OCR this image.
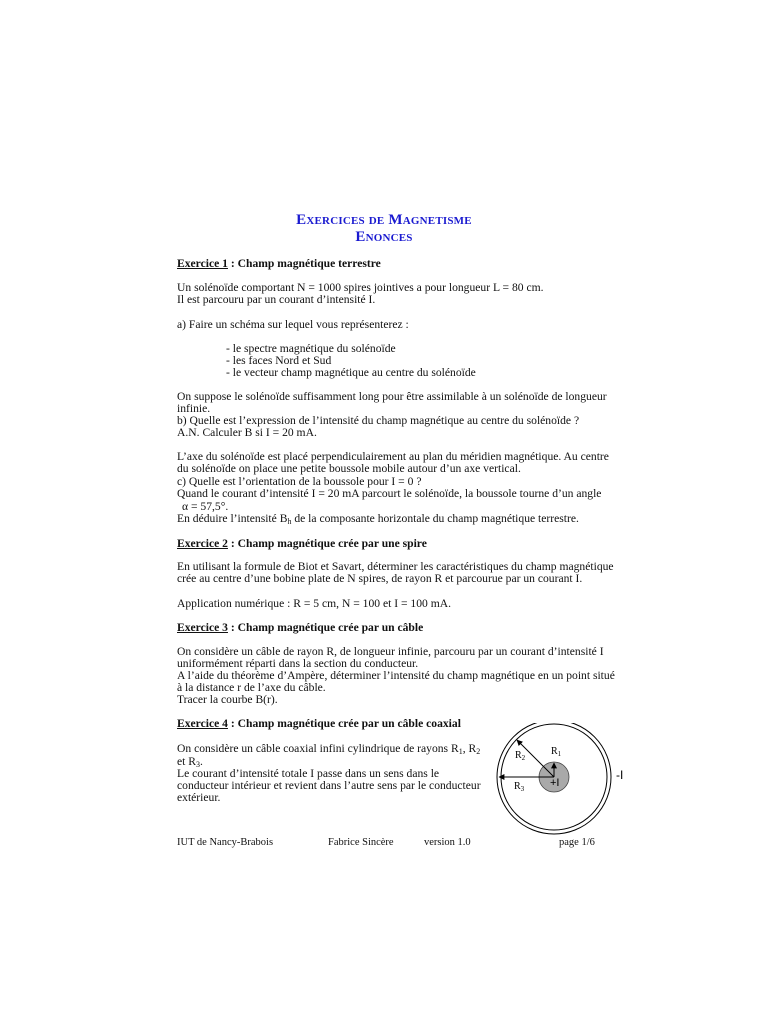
Exercices de Magnetisme
Enonces
Exercice 1 : Champ magnétique terrestre
Un solénoïde comportant N = 1000 spires jointives a pour longueur L = 80 cm.
Il est parcouru par un courant d’intensité I.
a) Faire un schéma sur lequel vous représenterez :
- le spectre magnétique du solénoïde
- les faces Nord et Sud
- le vecteur champ magnétique au centre du solénoïde
On suppose le solénoïde suffisamment long pour être assimilable à un solénoïde de longueur
infinie.
b) Quelle est l’expression de l’intensité du champ magnétique au centre du solénoïde ?
A.N. Calculer B si I = 20 mA.
L’axe du solénoïde est placé perpendiculairement au plan du méridien magnétique. Au centre
du solénoïde on place une petite boussole mobile autour d’un axe vertical.
c) Quelle est l’orientation de la boussole pour I = 0 ?
Quand le courant d’intensité I = 20 mA parcourt le solénoïde, la boussole tourne d’un angle
α = 57,5°.
En déduire l’intensité $B_h$ de la composante horizontale du champ magnétique terrestre.
Exercice 2 : Champ magnétique crée par une spire
En utilisant la formule de Biot et Savart, déterminer les caractéristiques du champ magnétique
crée au centre d’une bobine plate de N spires, de rayon R et parcourue par un courant I.
Application numérique : R = 5 cm, N = 100 et I = 100 mA.
Exercice 3 : Champ magnétique crée par un câble
On considère un câble de rayon R, de longueur infinie, parcouru par un courant d’intensité I
uniformément réparti dans la section du conducteur.
A l’aide du théorème d’Ampère, déterminer l’intensité du champ magnétique en un point situé
à la distance r de l’axe du câble.
Tracer la courbe B(r).
Exercice 4 : Champ magnétique crée par un câble coaxial
On considère un câble coaxial infini cylindrique de rayons $R_1$, $R_2$
et $R_3$.
Le courant d’intensité totale I passe dans un sens dans le
conducteur intérieur et revient dans l’autre sens par le conducteur
extérieur.
$R_1$
$R_2$
$R_3 +I$
-I
IUT de Nancy-Brabois	Fabrice Sincère	version 1.0	page 1/6
